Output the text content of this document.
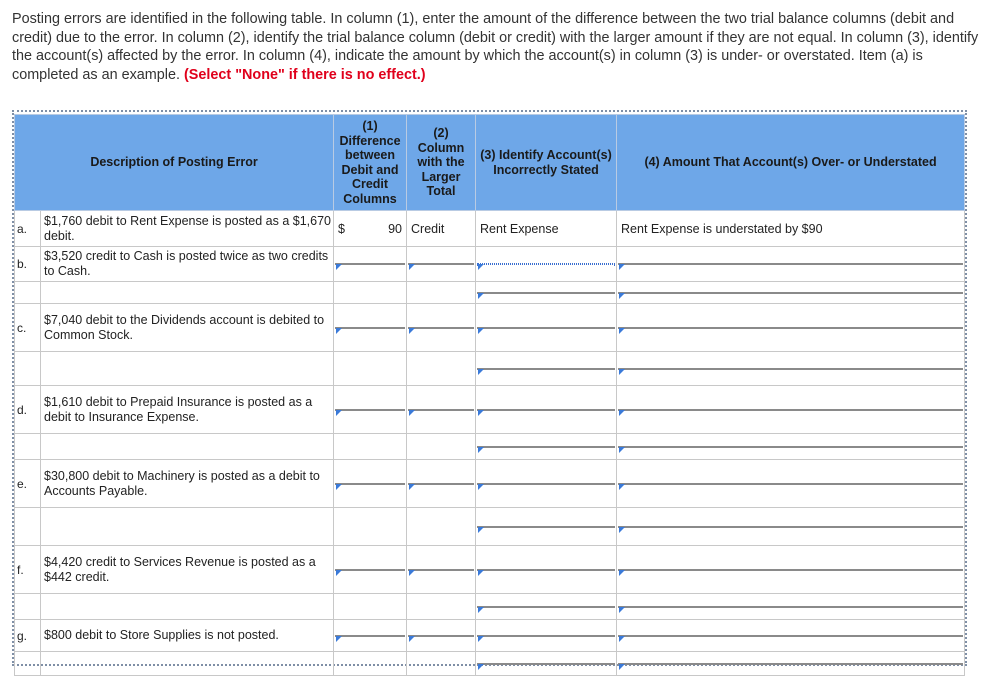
Posting errors are identified in the following table. In column (1), enter the amount of the difference between the two trial balance columns (debit and credit) due to the error. In column (2), identify the trial balance column (debit or credit) with the larger amount if they are not equal. In column (3), identify the account(s) affected by the error. In column (4), indicate the amount by which the account(s) in column (3) is under- or overstated. Item (a) is completed as an example. (Select "None" if there is no effect.)
Description of Posting Error		(1) Difference between Debit and Credit Columns	(2) Column with the Larger Total	(3) Identify Account(s) Incorrectly Stated	(4) Amount That Account(s) Over- or Understated
a.	$1,760 debit to Rent Expense is posted as a $1,670 debit.	$ 90	Credit	Rent Expense	Rent Expense is understated by $90
b.	$3,520 credit to Cash is posted twice as two credits to Cash.	

c.	$7,040 debit to the Dividends account is debited to Common Stock.	

d.	$1,610 debit to Prepaid Insurance is posted as a debit to Insurance Expense.	

e.	$30,800 debit to Machinery is posted as a debit to Accounts Payable.	

f.	$4,420 credit to Services Revenue is posted as a $442 credit.	

g.	$800 debit to Store Supplies is not posted.	
